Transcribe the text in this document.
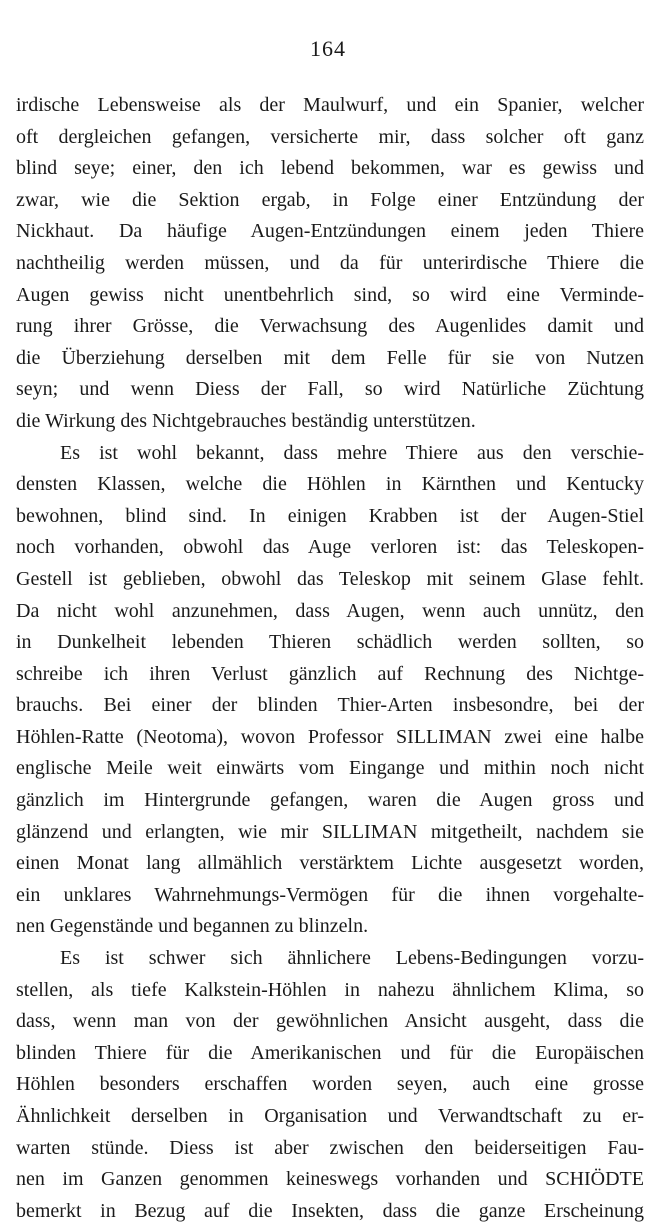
164
irdische Lebensweise als der Maulwurf, und ein Spanier, welcher
oft dergleichen gefangen, versicherte mir, dass solcher oft ganz
blind seye; einer, den ich lebend bekommen, war es gewiss und
zwar, wie die Sektion ergab, in Folge einer Entzündung der
Nickhaut. Da häufige Augen-Entzündungen einem jeden Thiere
nachtheilig werden müssen, und da für unterirdische Thiere die
Augen gewiss nicht unentbehrlich sind, so wird eine Verminde-
rung ihrer Grösse, die Verwachsung des Augenlides damit und
die Überziehung derselben mit dem Felle für sie von Nutzen
seyn; und wenn Diess der Fall, so wird Natürliche Züchtung
die Wirkung des Nichtgebrauches beständig unterstützen.
Es ist wohl bekannt, dass mehre Thiere aus den verschie-
densten Klassen, welche die Höhlen in Kärnthen und Kentucky
bewohnen, blind sind. In einigen Krabben ist der Augen-Stiel
noch vorhanden, obwohl das Auge verloren ist: das Teleskopen-
Gestell ist geblieben, obwohl das Teleskop mit seinem Glase fehlt.
Da nicht wohl anzunehmen, dass Augen, wenn auch unnütz, den
in Dunkelheit lebenden Thieren schädlich werden sollten, so
schreibe ich ihren Verlust gänzlich auf Rechnung des Nichtge-
brauchs. Bei einer der blinden Thier-Arten insbesondre, bei der
Höhlen-Ratte (Neotoma), wovon Professor SILLIMAN zwei eine halbe
englische Meile weit einwärts vom Eingange und mithin noch nicht
gänzlich im Hintergrunde gefangen, waren die Augen gross und
glänzend und erlangten, wie mir SILLIMAN mitgetheilt, nachdem sie
einen Monat lang allmählich verstärktem Lichte ausgesetzt worden,
ein unklares Wahrnehmungs-Vermögen für die ihnen vorgehalte-
nen Gegenstände und begannen zu blinzeln.
Es ist schwer sich ähnlichere Lebens-Bedingungen vorzu-
stellen, als tiefe Kalkstein-Höhlen in nahezu ähnlichem Klima, so
dass, wenn man von der gewöhnlichen Ansicht ausgeht, dass die
blinden Thiere für die Amerikanischen und für die Europäischen
Höhlen besonders erschaffen worden seyen, auch eine grosse
Ähnlichkeit derselben in Organisation und Verwandtschaft zu er-
warten stünde. Diess ist aber zwischen den beiderseitigen Fau-
nen im Ganzen genommen keineswegs vorhanden und SCHIÖDTE
bemerkt in Bezug auf die Insekten, dass die ganze Erscheinung
